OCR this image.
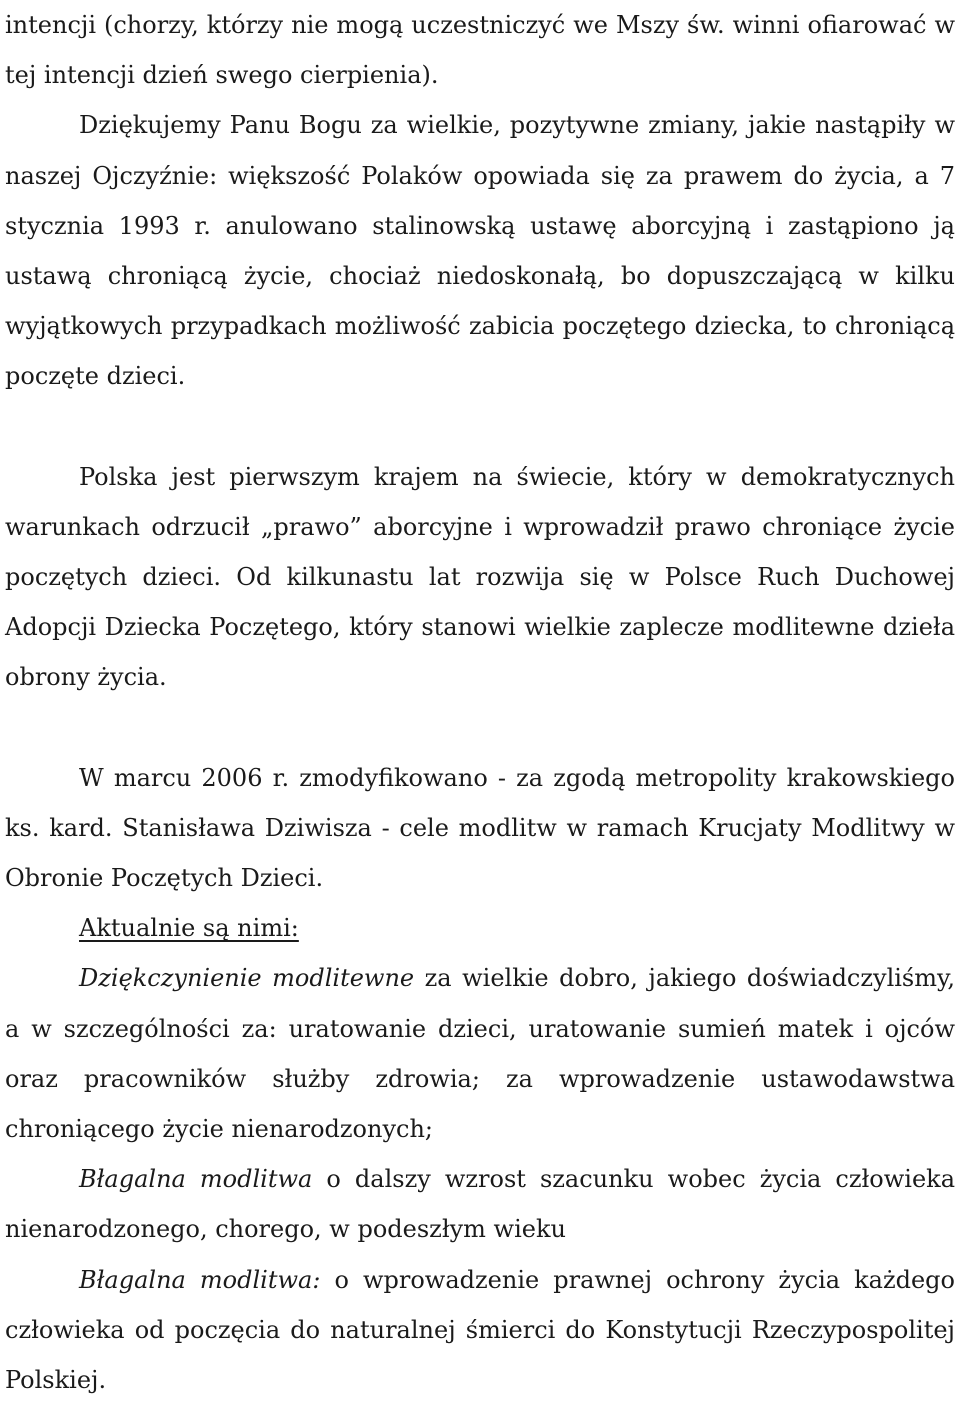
intencji (chorzy, którzy nie mogą uczestniczyć we Mszy św. winni ofiarować w tej intencji dzień swego cierpienia).

Dziękujemy Panu Bogu za wielkie, pozytywne zmiany, jakie nastąpiły w naszej Ojczyźnie: większość Polaków opowiada się za prawem do życia, a 7 stycznia 1993 r. anulowano stalinowską ustawę aborcyjną i zastąpiono ją ustawą chroniącą życie, chociaż niedoskonałą, bo dopuszczającą w kilku wyjątkowych przypadkach możliwość zabicia poczętego dziecka, to chroniącą poczęte dzieci.

Polska jest pierwszym krajem na świecie, który w demokratycznych warunkach odrzucił „prawo” aborcyjne i wprowadził prawo chroniące życie poczętych dzieci. Od kilkunastu lat rozwija się w Polsce Ruch Duchowej Adopcji Dziecka Poczętego, który stanowi wielkie zaplecze modlitewne dzieła obrony życia.

W marcu 2006 r. zmodyfikowano - za zgodą metropolity krakowskiego ks. kard. Stanisława Dziwisza - cele modlitw w ramach Krucjaty Modlitwy w Obronie Poczętych Dzieci.

Aktualnie są nimi:

Dziękczynienie modlitewne za wielkie dobro, jakiego doświadczyliśmy, a w szczególności za: uratowanie dzieci, uratowanie sumień matek i ojców oraz pracowników służby zdrowia; za wprowadzenie ustawodawstwa chroniącego życie nienarodzonych;

Błagalna modlitwa o dalszy wzrost szacunku wobec życia człowieka nienarodzonego, chorego, w podeszłym wieku

Błagalna modlitwa: o wprowadzenie prawnej ochrony życia każdego człowieka od poczęcia do naturalnej śmierci do Konstytucji Rzeczypospolitej Polskiej.
